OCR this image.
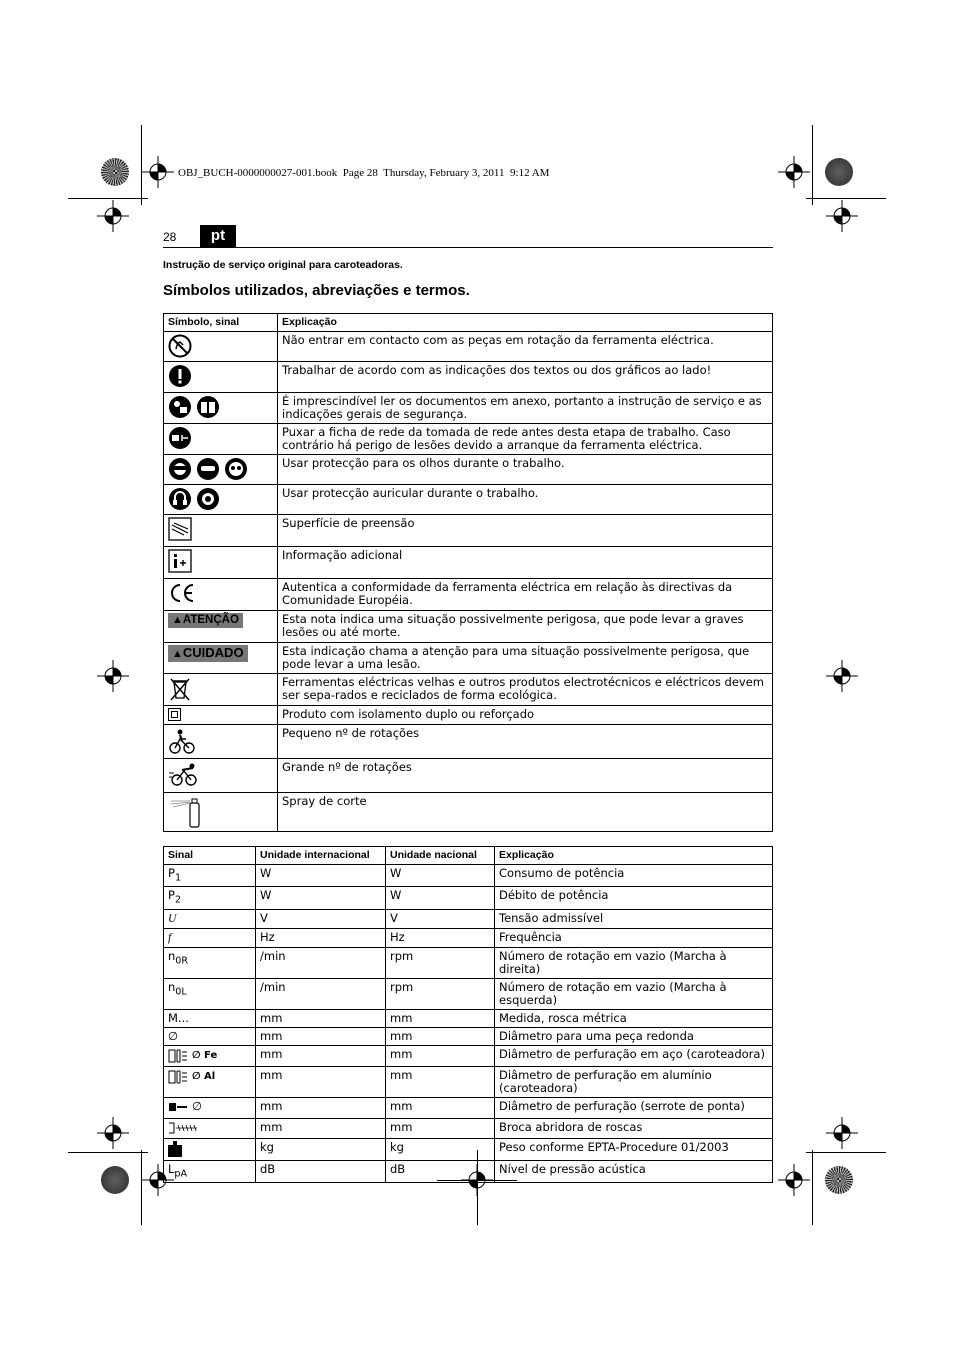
OBJ_BUCH-0000000027-001.book  Page 28  Thursday, February 3, 2011  9:12 AM
28	pt
Instrução de serviço original para caroteadoras.
Símbolos utilizados, abreviações e termos.
Símbolo, sinal	Explicação

	Não entrar em contacto com as peças em rotação da ferramenta eléctrica.

	Trabalhar de acordo com as indicações dos textos ou dos gráficos ao lado!

	É imprescindível ler os documentos em anexo, portanto a instrução de serviço e as indicações gerais de segurança.

	Puxar a ficha de rede da tomada de rede antes desta etapa de trabalho. Caso contrário há perigo de lesões devido a arranque da ferramenta eléctrica.

	Usar protecção para os olhos durante o trabalho.

	Usar protecção auricular durante o trabalho.

	Superfície de preensão

	Informação adicional

	Autentica a conformidade da ferramenta eléctrica em relação às directivas da Comunidade Européia.
▲ATENÇÃO	Esta nota indica uma situação possivelmente perigosa, que pode levar a graves lesões ou até morte.
▲CUIDADO	Esta indicação chama a atenção para uma situação possivelmente perigosa, que pode levar a uma lesão.

	Ferramentas eléctricas velhas e outros produtos electrotécnicos e eléctricos devem ser sepa-rados e reciclados de forma ecológica.

	Produto com isolamento duplo ou reforçado

	Pequeno nº de rotações

	Grande nº de rotações

	Spray de corte
Sinal	Unidade internacional	Unidade nacional	Explicação
$P_1$	W	W	Consumo de potência
$P_2$	W	W	Débito de potência
U	V	V	Tensão admissível
f	Hz	Hz	Frequência
$n_{0R}$	/min	rpm	Número de rotação em vazio (Marcha à direita)
$n_{0L}$	/min	rpm	Número de rotação em vazio (Marcha à esquerda)
M...	mm	mm	Medida, rosca métrica
∅	mm	mm	Diâmetro para uma peça redonda

∅ Fe	mm	mm	Diâmetro de perfuração em aço (caroteadora)

∅ Al	mm	mm	Diâmetro de perfuração em alumínio (caroteadora)

∅	mm	mm	Diâmetro de perfuração (serrote de ponta)

	mm	mm	Broca abridora de roscas

	kg	kg	Peso conforme EPTA-Procedure 01/2003
$L_{pA}$	dB	dB	Nível de pressão acústica
